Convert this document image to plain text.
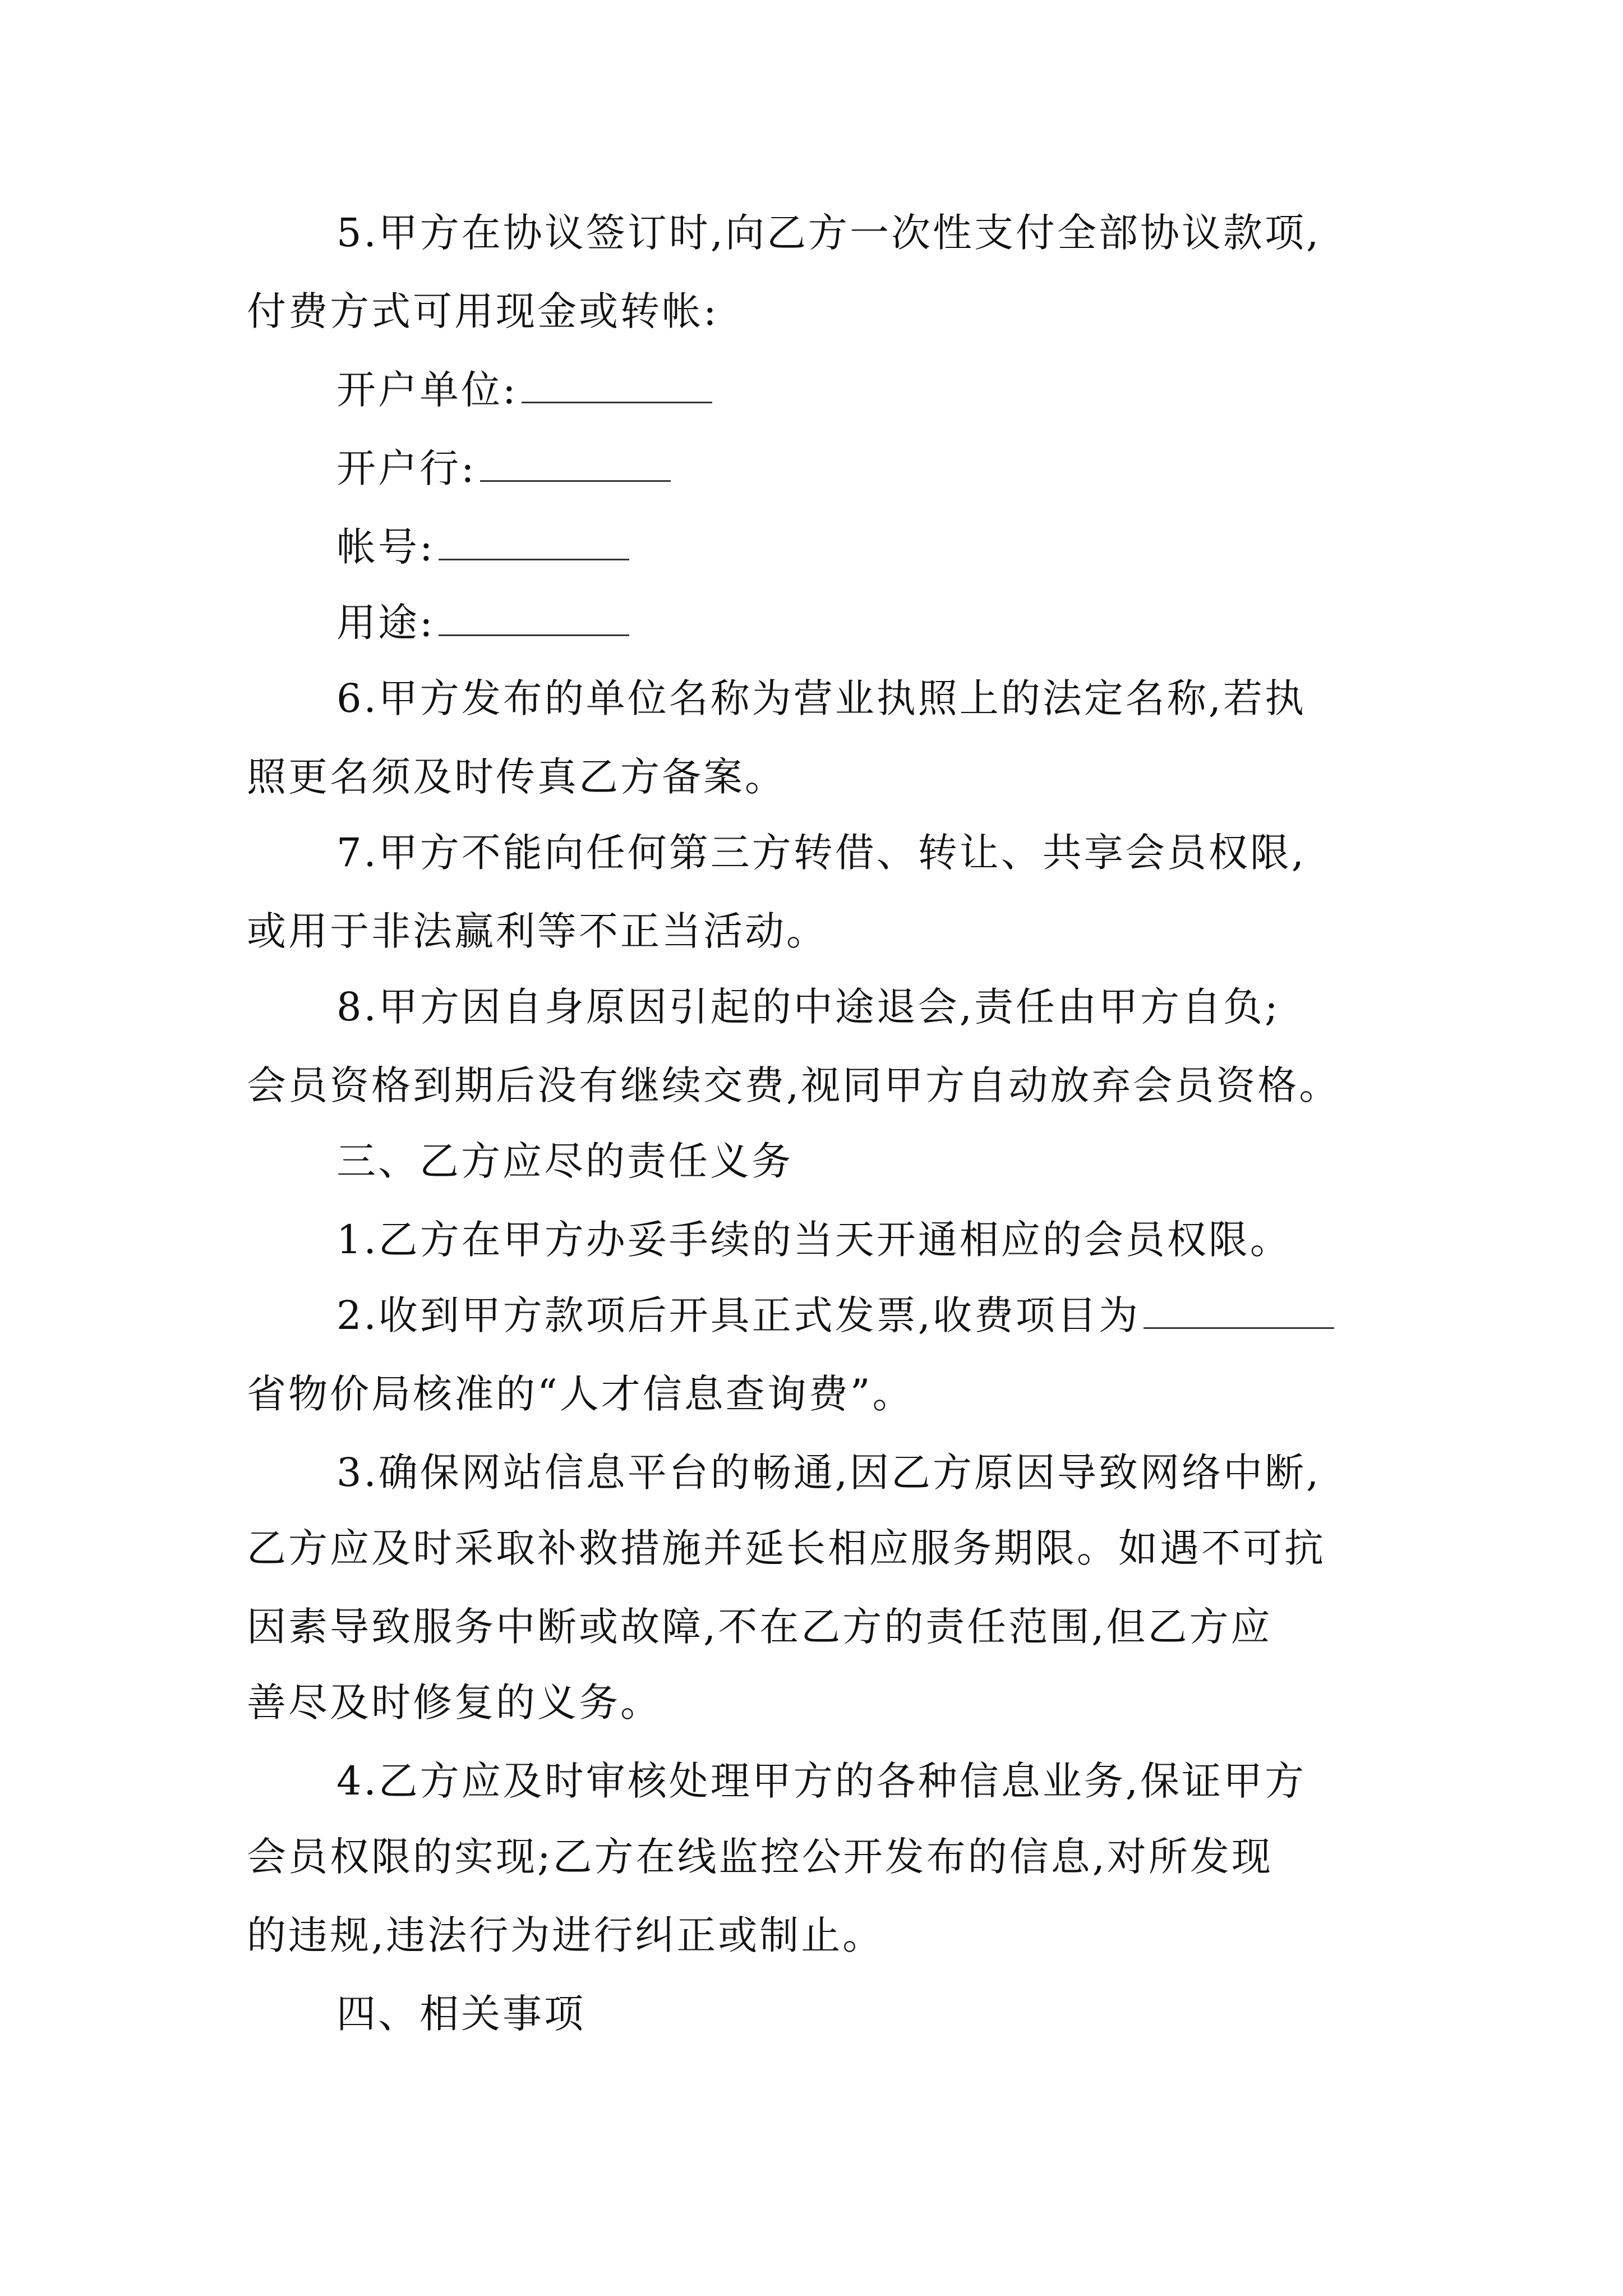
5.甲方在协议签订时,向乙方一次性支付全部协议款项,
付费方式可用现金或转帐:
开户单位:
开户行:
帐号:
用途:
6.甲方发布的单位名称为营业执照上的法定名称,若执
照更名须及时传真乙方备案。
7.甲方不能向任何第三方转借、转让、共享会员权限,
或用于非法赢利等不正当活动。
8.甲方因自身原因引起的中途退会,责任由甲方自负;
会员资格到期后没有继续交费,视同甲方自动放弃会员资格。
三、乙方应尽的责任义务
1.乙方在甲方办妥手续的当天开通相应的会员权限。
2.收到甲方款项后开具正式发票,收费项目为
省物价局核准的“人才信息查询费”。
3.确保网站信息平台的畅通,因乙方原因导致网络中断,
乙方应及时采取补救措施并延长相应服务期限。如遇不可抗
因素导致服务中断或故障,不在乙方的责任范围,但乙方应
善尽及时修复的义务。
4.乙方应及时审核处理甲方的各种信息业务,保证甲方
会员权限的实现;乙方在线监控公开发布的信息,对所发现
的违规,违法行为进行纠正或制止。
四、相关事项
